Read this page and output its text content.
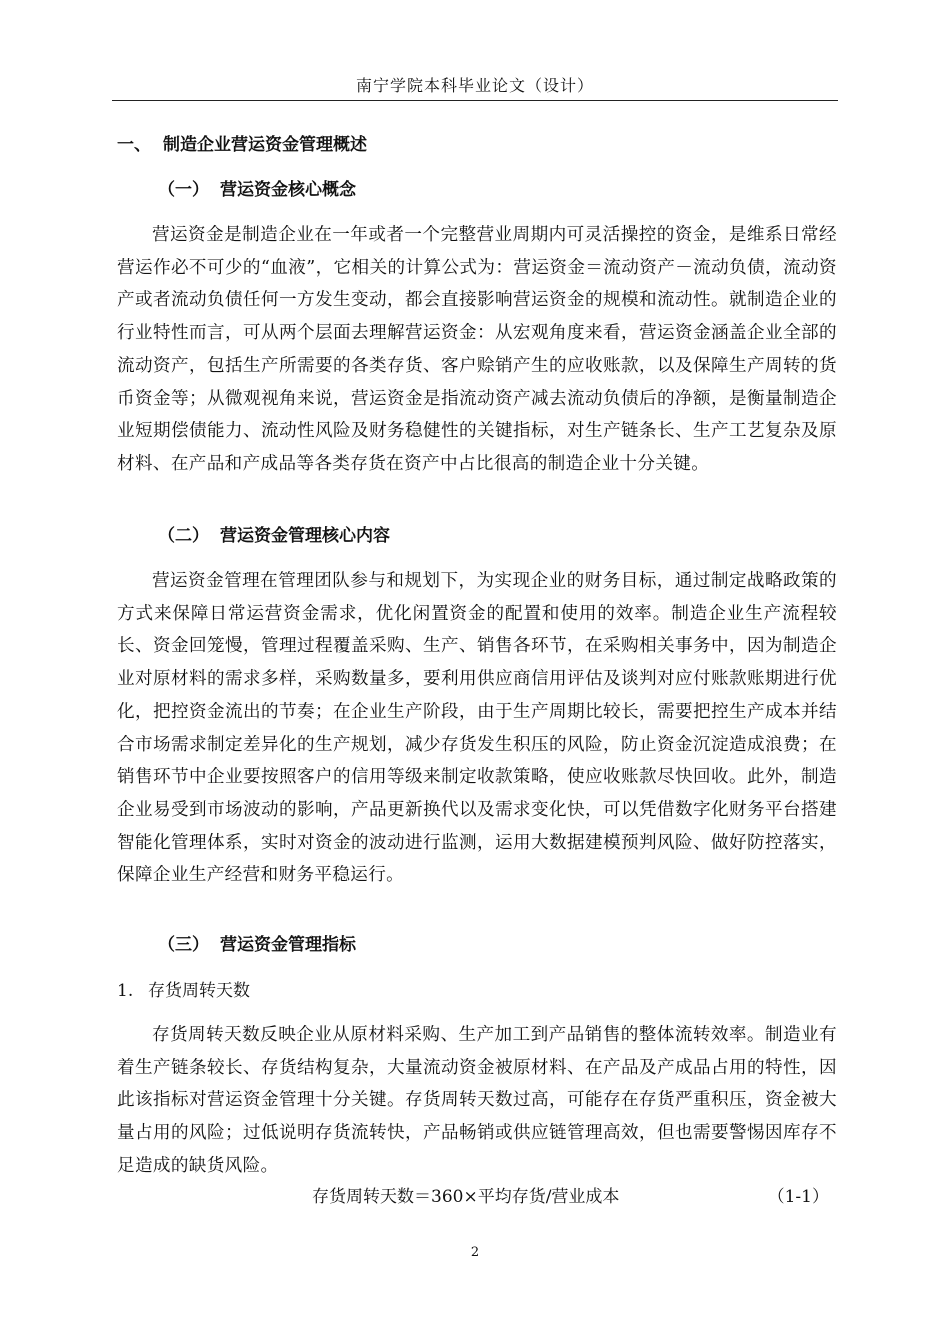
南宁学院本科毕业论文（设计）
一、 制造企业营运资金管理概述
（一） 营运资金核心概念

营运资金是制造企业在一年或者一个完整营业周期内可灵活操控的资金，是维系日常经营运作必不可少的“血液”，它相关的计算公式为：营运资金＝流动资产－流动负债，流动资产或者流动负债任何一方发生变动，都会直接影响营运资金的规模和流动性。就制造企业的行业特性而言，可从两个层面去理解营运资金：从宏观角度来看，营运资金涵盖企业全部的流动资产，包括生产所需要的各类存货、客户赊销产生的应收账款，以及保障生产周转的货币资金等；从微观视角来说，营运资金是指流动资产减去流动负债后的净额，是衡量制造企业短期偿债能力、流动性风险及财务稳健性的关键指标，对生产链条长、生产工艺复杂及原材料、在产品和产成品等各类存货在资产中占比很高的制造企业十分关键。

（二） 营运资金管理核心内容

营运资金管理在管理团队参与和规划下，为实现企业的财务目标，通过制定战略政策的方式来保障日常运营资金需求，优化闲置资金的配置和使用的效率。制造企业生产流程较长、资金回笼慢，管理过程覆盖采购、生产、销售各环节，在采购相关事务中，因为制造企业对原材料的需求多样，采购数量多，要利用供应商信用评估及谈判对应付账款账期进行优化，把控资金流出的节奏；在企业生产阶段，由于生产周期比较长，需要把控生产成本并结合市场需求制定差异化的生产规划，减少存货发生积压的风险，防止资金沉淀造成浪费；在销售环节中企业要按照客户的信用等级来制定收款策略，使应收账款尽快回收。此外，制造企业易受到市场波动的影响，产品更新换代以及需求变化快，可以凭借数字化财务平台搭建智能化管理体系，实时对资金的波动进行监测，运用大数据建模预判风险、做好防控落实，保障企业生产经营和财务平稳运行。

（三） 营运资金管理指标
1. 存货周转天数

存货周转天数反映企业从原材料采购、生产加工到产品销售的整体流转效率。制造业有着生产链条较长、存货结构复杂，大量流动资金被原材料、在产品及产成品占用的特性，因此该指标对营运资金管理十分关键。存货周转天数过高，可能存在存货严重积压，资金被大量占用的风险；过低说明存货流转快，产品畅销或供应链管理高效，但也需要警惕因库存不足造成的缺货风险。

存货周转天数＝360×平均存货/营业成本	（1-1）
2
